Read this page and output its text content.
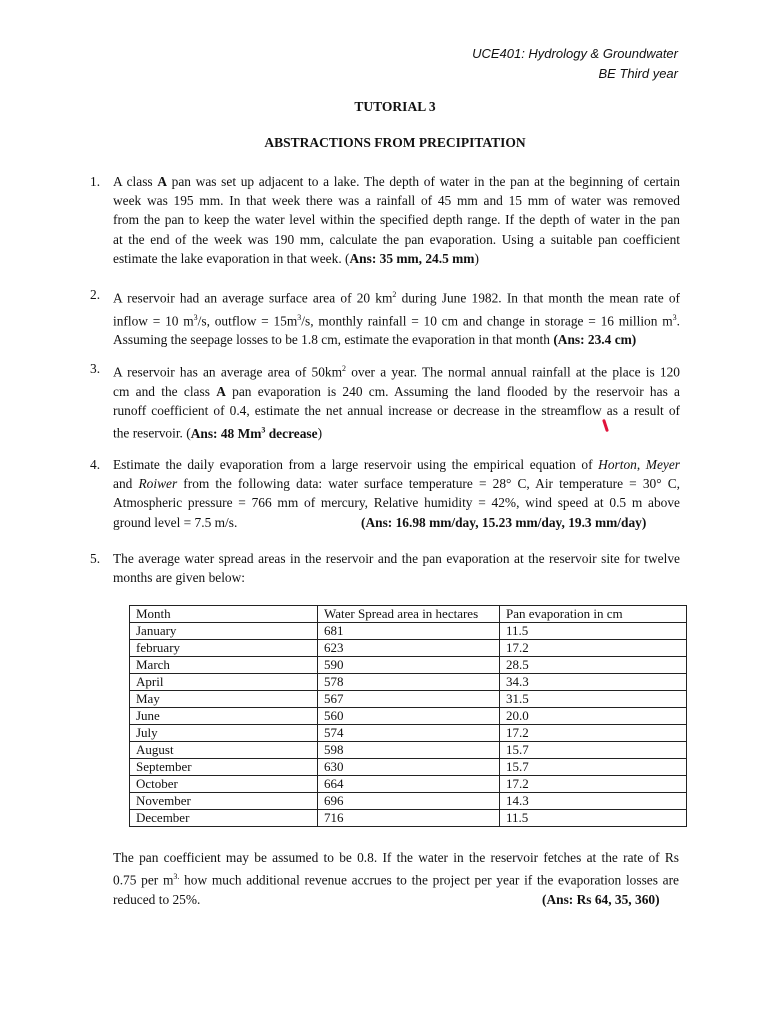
UCE401: Hydrology & Groundwater
BE Third year
TUTORIAL 3
ABSTRACTIONS FROM PRECIPITATION
1. A class A pan was set up adjacent to a lake. The depth of water in the pan at the beginning of certain
week was 195 mm. In that week there was a rainfall of 45 mm and 15 mm of water was removed
from the pan to keep the water level within the specified depth range. If the depth of water in the pan
at the end of the week was 190 mm, calculate the pan evaporation. Using a suitable pan coefficient
estimate the lake evaporation in that week. (Ans: 35 mm, 24.5 mm)
2. A reservoir had an average surface area of 20 $km^2$ during June 1982. In that month the mean rate of
inflow = 10 $m^3/s$, outflow = $15m^3/s$, monthly rainfall = 10 cm and change in storage = 16 million $m^3$.
Assuming the seepage losses to be 1.8 cm, estimate the evaporation in that month (Ans: 23.4 cm)
3. A reservoir has an average area of $50km^2$ over a year. The normal annual rainfall at the place is 120
cm and the class A pan evaporation is 240 cm. Assuming the land flooded by the reservoir has a
runoff coefficient of 0.4, estimate the net annual increase or decrease in the streamflow as a result of
the reservoir. (Ans: 48 Mm$^3$ decrease)
4. Estimate the daily evaporation from a large reservoir using the empirical equation of Horton, Meyer
and Roiwer from the following data: water surface temperature = 28° C, Air temperature = 30° C,
Atmospheric pressure = 766 mm of mercury, Relative humidity = 42%, wind speed at 0.5 m above
ground level = 7.5 m/s.	(Ans: 16.98 mm/day, 15.23 mm/day, 19.3 mm/day)
5. The average water spread areas in the reservoir and the pan evaporation at the reservoir site for twelve
months are given below:
Month	Water Spread area in hectares	Pan evaporation in cm
January	681	11.5
february	623	17.2
March	590	28.5
April	578	34.3
May	567	31.5
June	560	20.0
July	574	17.2
August	598	15.7
September	630	15.7
October	664	17.2
November	696	14.3
December	716	11.5
The pan coefficient may be assumed to be 0.8. If the water in the reservoir fetches at the rate of Rs
0.75 per $m^{3.}$ how much additional revenue accrues to the project per year if the evaporation losses are
reduced to 25%.	(Ans: Rs 64, 35, 360)
